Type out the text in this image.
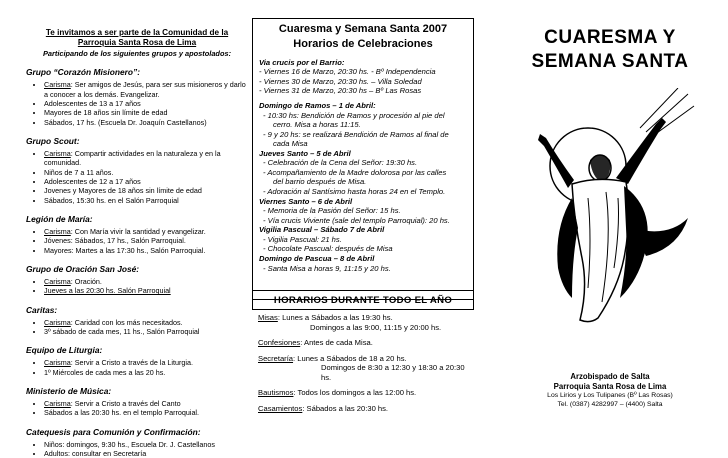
Te invitamos a ser parte de la Comunidad de la
Parroquia Santa Rosa de Lima
Participando de los siguientes grupos y apostolados:
Grupo “Corazón Misionero”:
• Carisma: Ser amigos de Jesús, para ser sus misioneros y darlo a conocer a los demás. Evangelizar.
• Adolescentes de 13 a 17 años
• Mayores de 18 años sin límite de edad
• Sábados, 17 hs. (Escuela Dr. Joaquín Castellanos)
Grupo Scout:
• Carisma: Compartir actividades en la naturaleza y en la comunidad.
• Niños de 7 a 11 años.
• Adolescentes de 12 a 17 años
• Jovenes y Mayores de 18 años sin límite de edad
• Sábados, 15:30 hs. en el Salón Parroquial
Legión de María:
• Carisma: Con María vivir la santidad y evangelizar.
• Jóvenes: Sábados, 17 hs., Salón Parroquial.
• Mayores: Martes a las 17:30 hs., Salón Parroquial.
Grupo de Oración San José:
• Carisma: Oración.
• Jueves a las 20:30 hs. Salón Parroquial
Caritas:
• Carisma: Caridad con los más necesitados.
• 3º sábado de cada mes, 11 hs., Salón Parroquial
Equipo de Liturgia:
• Carisma: Servir a Cristo a través de la Liturgia.
• 1º Miércoles de cada mes a las 20 hs.
Ministerio de Música:
• Carisma: Servir a Cristo a través del Canto
• Sábados a las 20:30 hs. en el templo Parroquial.
Catequesis para Comunión y Confirmación:
• Niños: domingos, 9:30 hs., Escuela Dr. J. Castellanos
• Adultos: consultar en Secretaría
Cuaresma y Semana Santa 2007
Horarios de Celebraciones
Via crucis por el Barrio:
- Viernes 16 de Marzo, 20:30 hs. - Bº Independencia
- Viernes 30 de Marzo, 20:30 hs. – Villa Soledad
- Viernes 31 de Marzo, 20:30 hs – Bº Las Rosas
Domingo de Ramos – 1 de Abril:
- 10:30 hs: Bendición de Ramos y procesión al pie del
cerro. Misa a horas 11:15.
- 9 y 20 hs: se realizará Bendición de Ramos al final de
cada Misa
Jueves Santo – 5 de Abril
- Celebración de la Cena del Señor: 19:30 hs.
- Acompañamiento de la Madre dolorosa por las calles
del barrio después de Misa.
- Adoración al Santísimo hasta horas 24 en el Templo.
Viernes Santo – 6 de Abril
- Memoria de la Pasión del Señor: 15 hs.
- Vía crucis Viviente (sale del templo Parroquial): 20 hs.
Vigilia Pascual – Sábado 7 de Abril
- Vigilia Pascual: 21 hs.
- Chocolate Pascual: después de Misa
Domingo de Pascua – 8 de Abril
- Santa Misa a horas 9, 11:15 y 20 hs.
HORARIOS DURANTE TODO EL AÑO
Misas: Lunes a Sábados a las 19:30 hs.
Domingos a las 9:00, 11:15 y 20:00 hs.
Confesiones: Antes de cada Misa.
Secretaría: Lunes a Sábados de 18 a 20 hs.
Domingos de 8:30 a 12:30 y 18:30 a 20:30 hs.
Bautismos: Todos los domingos a las 12:00 hs.
Casamientos: Sábados a las 20:30 hs.
CUARESMA Y
SEMANA SANTA
Arzobispado de Salta
Parroquia Santa Rosa de Lima
Los Lirios y Los Tulipanes (Bº Las Rosas)
Tel. (0387) 4282997 – (4400) Salta
